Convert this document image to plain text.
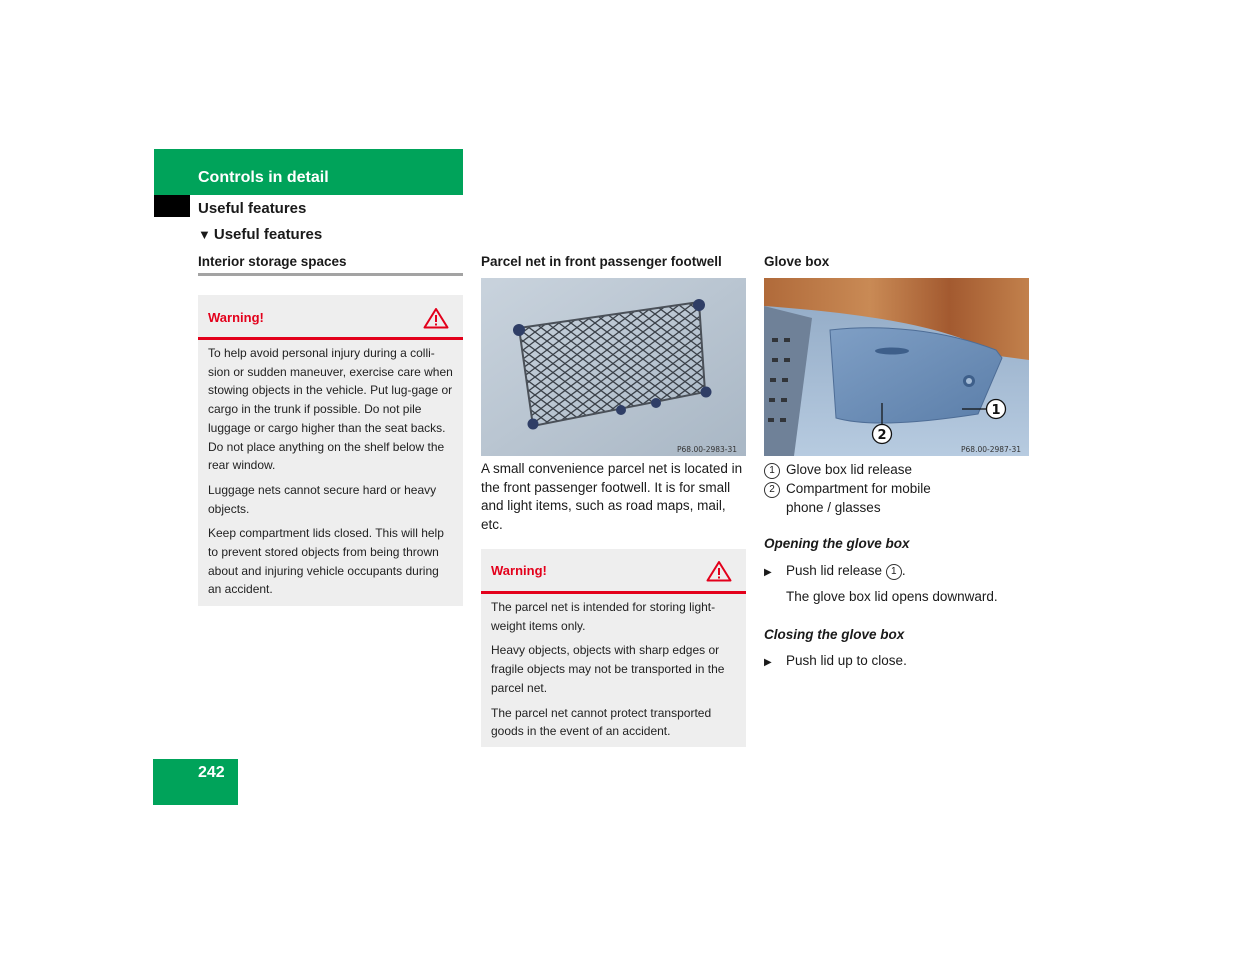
Controls in detail
Useful features
▼ Useful features
Interior storage spaces
Warning!

To help avoid personal injury during a colli-sion or sudden maneuver, exercise care when stowing objects in the vehicle. Put lug-gage or cargo in the trunk if possible. Do not pile luggage or cargo higher than the seat backs. Do not place anything on the shelf below the rear window.

Luggage nets cannot secure hard or heavy objects.

Keep compartment lids closed. This will help to prevent stored objects from being thrown about and injuring vehicle occupants during an accident.

Parcel net in front passenger footwell
P68.00-2983-31
A small convenience parcel net is located in the front passenger footwell. It is for small and light items, such as road maps, mail, etc.
Warning!

The parcel net is intended for storing light-weight items only.

Heavy objects, objects with sharp edges or fragile objects may not be transported in the parcel net.

The parcel net cannot protect transported goods in the event of an accident.

Glove box
2
1
P68.00-2987-31
1 Glove box lid release
2 Compartment for mobile
phone / glasses
Opening the glove box
▶ Push lid release 1 .
The glove box lid opens downward.
Closing the glove box
▶ Push lid up to close.
242
